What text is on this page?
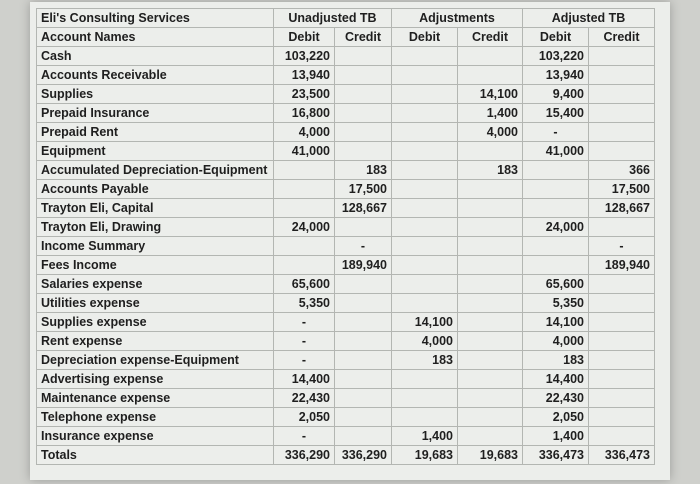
Eli's Consulting Services	Unadjusted TB		Adjustments		Adjusted TB	
Account Names	Debit	Credit	Debit	Credit	Debit	Credit
Cash	103,220				103,220	
Accounts Receivable	13,940				13,940	
Supplies	23,500			14,100	9,400	
Prepaid Insurance	16,800			1,400	15,400	
Prepaid Rent	4,000			4,000	-	
Equipment	41,000				41,000	
Accumulated Depreciation-Equipment		183		183		366
Accounts Payable		17,500				17,500
Trayton Eli, Capital		128,667				128,667
Trayton Eli, Drawing	24,000				24,000	
Income Summary		-				-
Fees Income		189,940				189,940
Salaries expense	65,600				65,600	
Utilities expense	5,350				5,350	
Supplies expense	-		14,100		14,100	
Rent expense	-		4,000		4,000	
Depreciation expense-Equipment	-		183		183	
Advertising expense	14,400				14,400	
Maintenance expense	22,430				22,430	
Telephone expense	2,050				2,050	
Insurance expense	-		1,400		1,400	
Totals	336,290	336,290	19,683	19,683	336,473	336,473
